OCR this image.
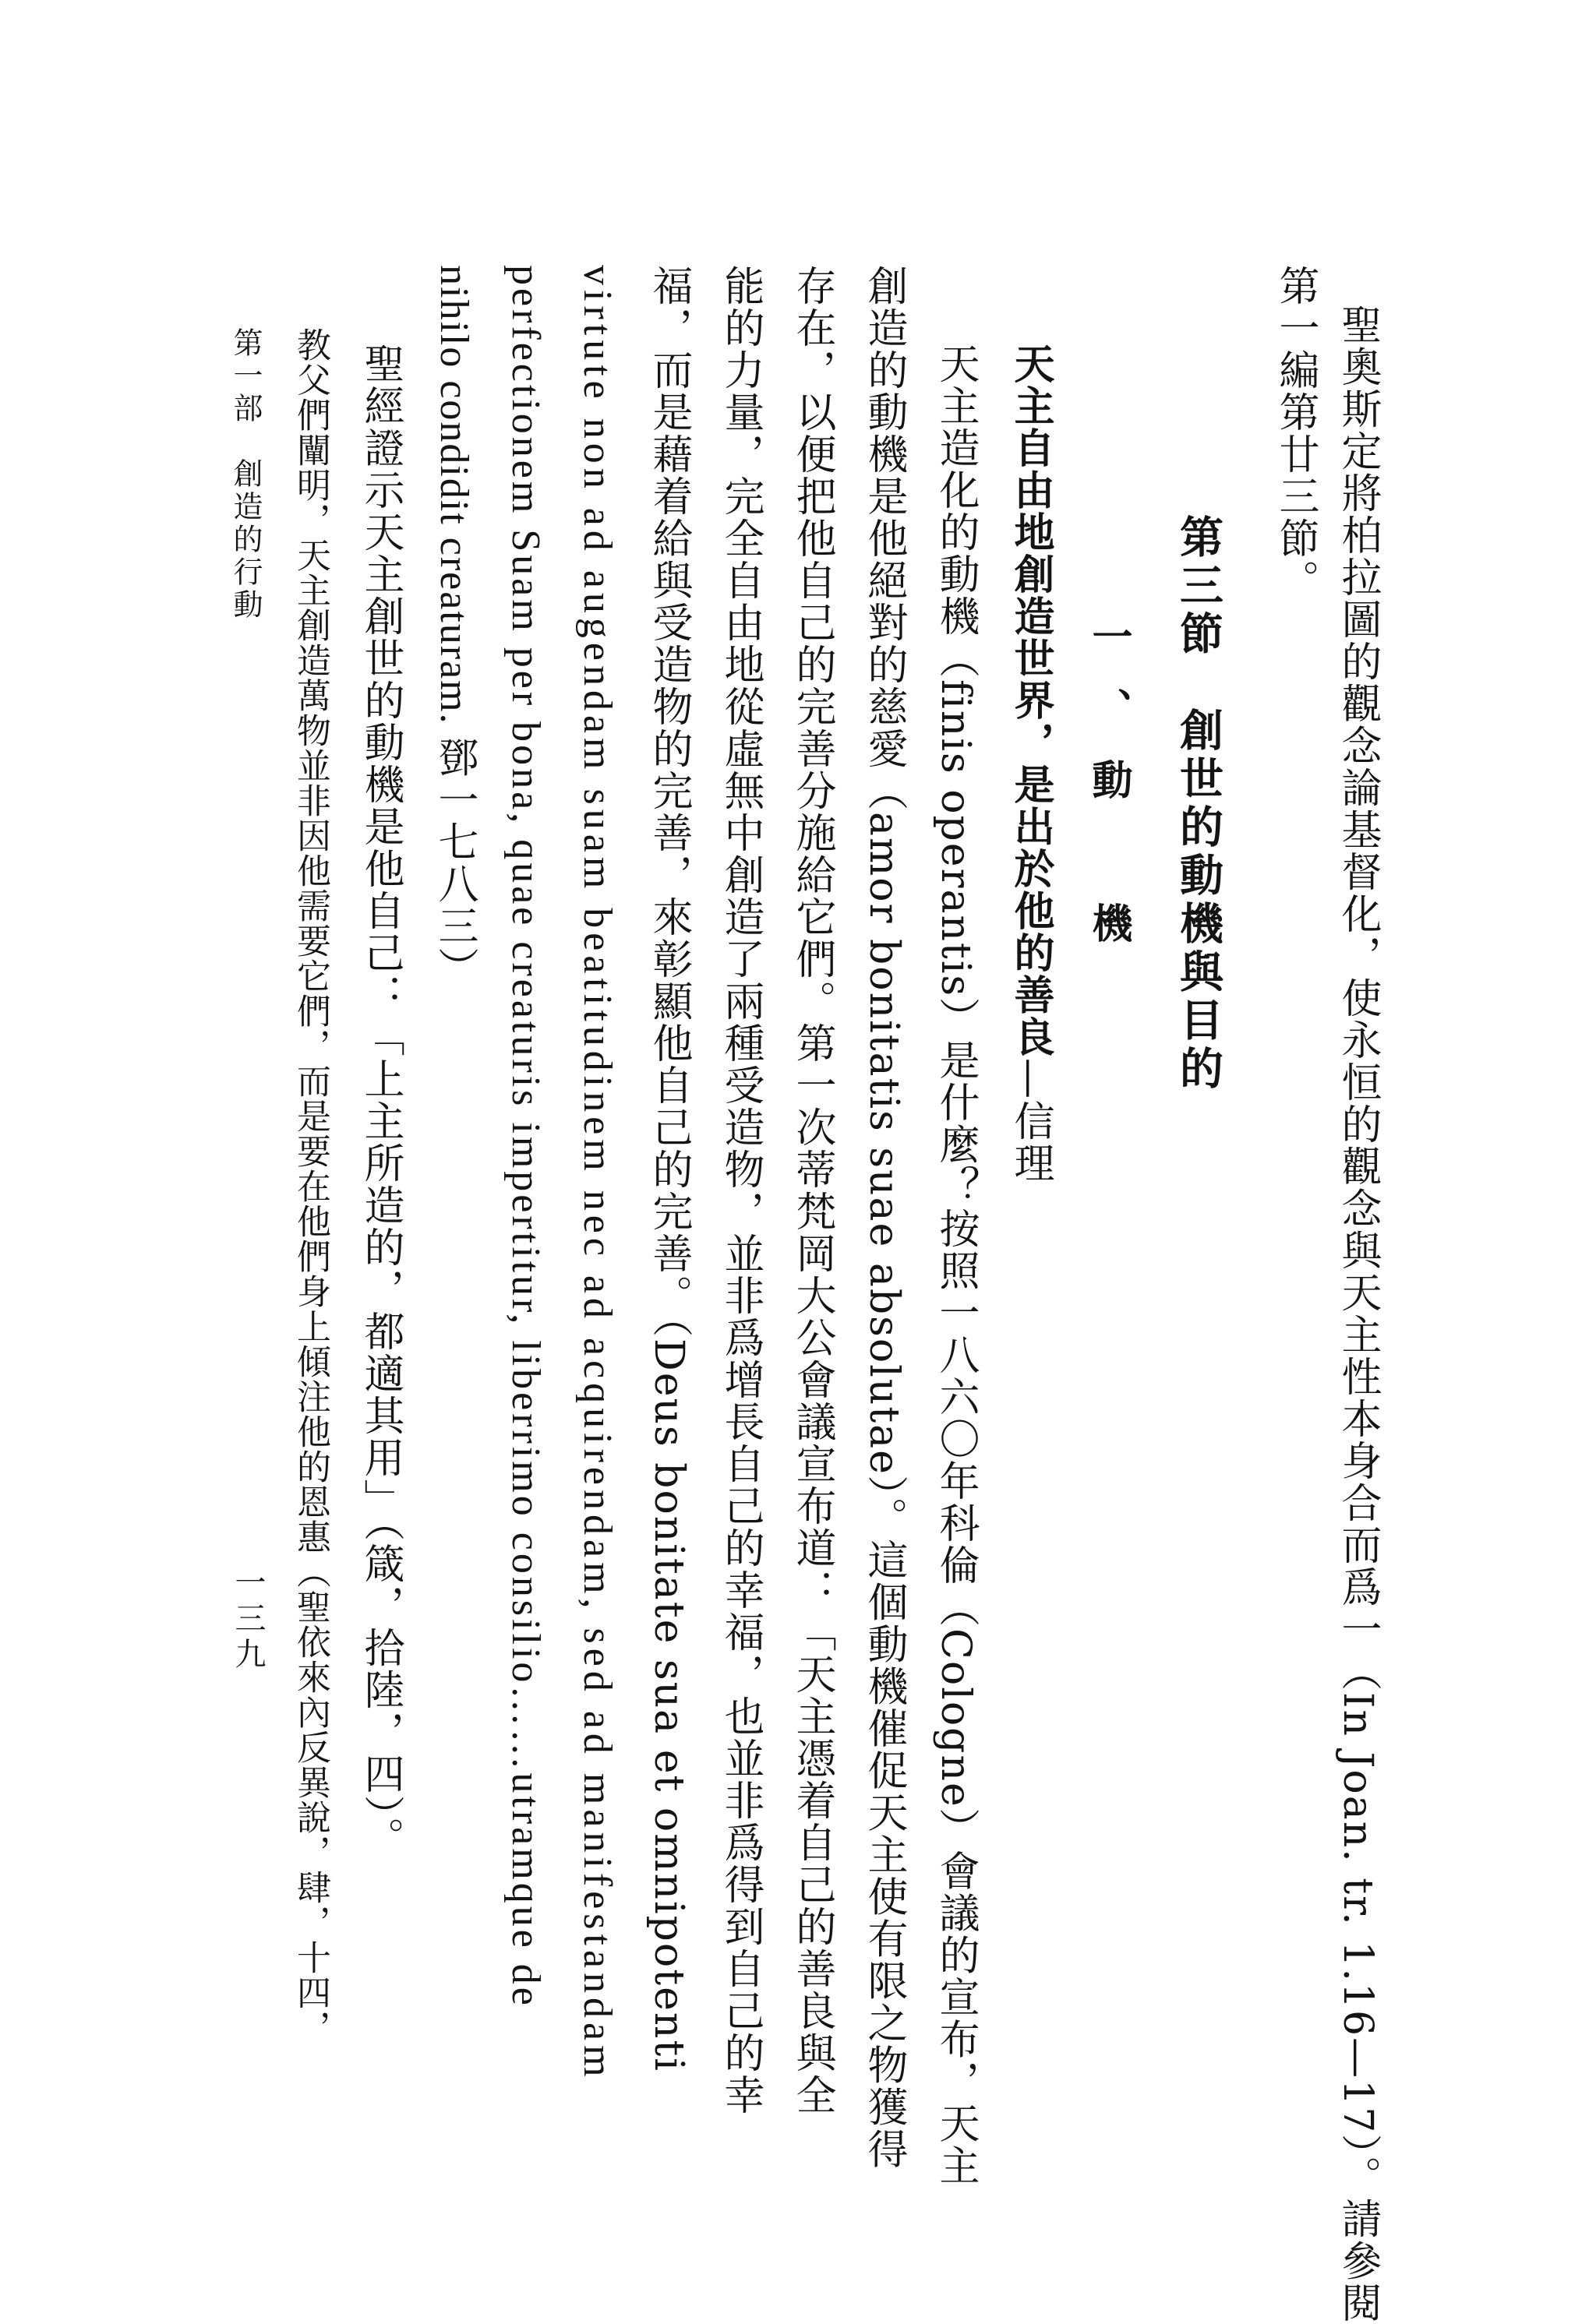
聖奧斯定將柏拉圖的觀念論基督化，使永恒的觀念與天主性本身合而爲一（In Joan. tr. 1.16—17）。請參閱
第一編第廿三節。
第三節　創世的動機與目的
一、動　機
天主自由地創造世界，是出於他的善良—信理
天主造化的動機（finis operantis）是什麼？按照一八六〇年科倫（Cologne）會議的宣布，天主
創造的動機是他絕對的慈愛（amor bonitatis suae absolutae）。這個動機催促天主使有限之物獲得
存在，以便把他自己的完善分施給它們。第一次蒂梵岡大公會議宣布道：「天主憑着自己的善良與全
能的力量，完全自由地從虛無中創造了兩種受造物，並非爲增長自己的幸福，也並非爲得到自己的幸
福，而是藉着給與受造物的完善，來彰顯他自己的完善。（Deus bonitate sua et omnipotenti
virtute non ad augendam suam beatitudinem nec ad acquirendam, sed ad manifestandam
perfectionem Suam per bona, quae creaturis impertitur, liberrimo consilio……utramque de
nihilo condidit creaturam. 鄧一七八三）
聖經證示天主創世的動機是他自己：「上主所造的，都適其用」（箴，拾陸，四）。
教父們闡明，天主創造萬物並非因他需要它們，而是要在他們身上傾注他的恩惠（聖依來內反異說，肆，十四，
第一部　創造的行動
一三九
